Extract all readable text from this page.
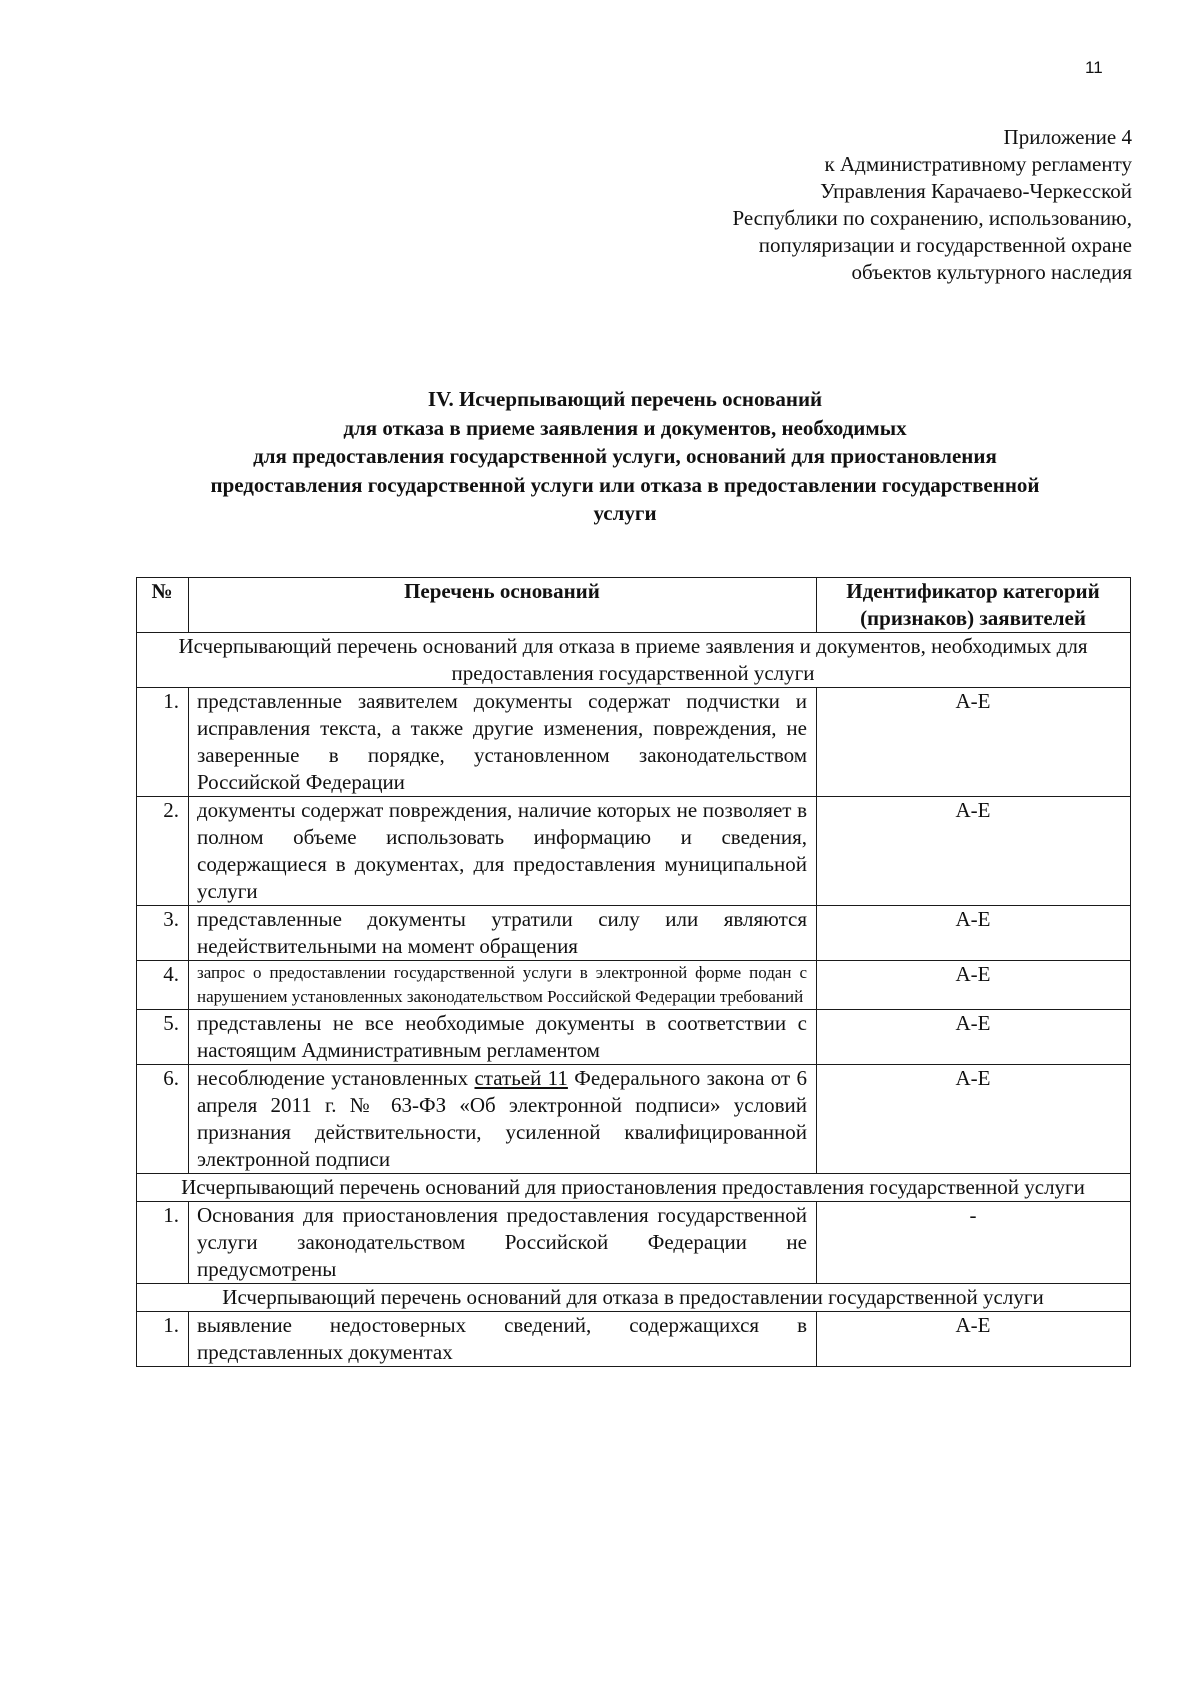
11
Приложение 4
к Административному регламенту
Управления Карачаево-Черкесской
Республики по сохранению, использованию,
популяризации и государственной охране
объектов культурного наследия
IV. Исчерпывающий перечень оснований
для отказа в приеме заявления и документов, необходимых
для предоставления государственной услуги, оснований для приостановления
предоставления государственной услуги или отказа в предоставлении государственной
услуги
№	Перечень оснований	Идентификатор категорий (признаков) заявителей
Исчерпывающий перечень оснований для отказа в приеме заявления и документов, необходимых для предоставления государственной услуги		
1.	представленные заявителем документы содержат подчистки и исправления текста, а также другие изменения, повреждения, не заверенные в порядке, установленном законодательством Российской Федерации	А-Е
2.	документы содержат повреждения, наличие которых не позволяет в полном объеме использовать информацию и сведения, содержащиеся в документах, для предоставления муниципальной услуги	А-Е
3.	представленные документы утратили силу или являются недействительными на момент обращения	А-Е
4.	запрос о предоставлении государственной услуги в электронной форме подан с нарушением установленных законодательством Российской Федерации требований	А-Е
5.	представлены не все необходимые документы в соответствии с настоящим Административным регламентом	А-Е
6.	несоблюдение установленных статьей 11 Федерального закона от 6 апреля 2011 г. № 63-ФЗ «Об электронной подписи» условий признания действительности, усиленной квалифицированной электронной подписи	А-Е
Исчерпывающий перечень оснований для приостановления предоставления государственной услуги		
1.	Основания для приостановления предоставления государственной услуги законодательством Российской Федерации не предусмотрены	-
Исчерпывающий перечень оснований для отказа в предоставлении государственной услуги		
1.	выявление недостоверных сведений, содержащихся в представленных документах	А-Е
